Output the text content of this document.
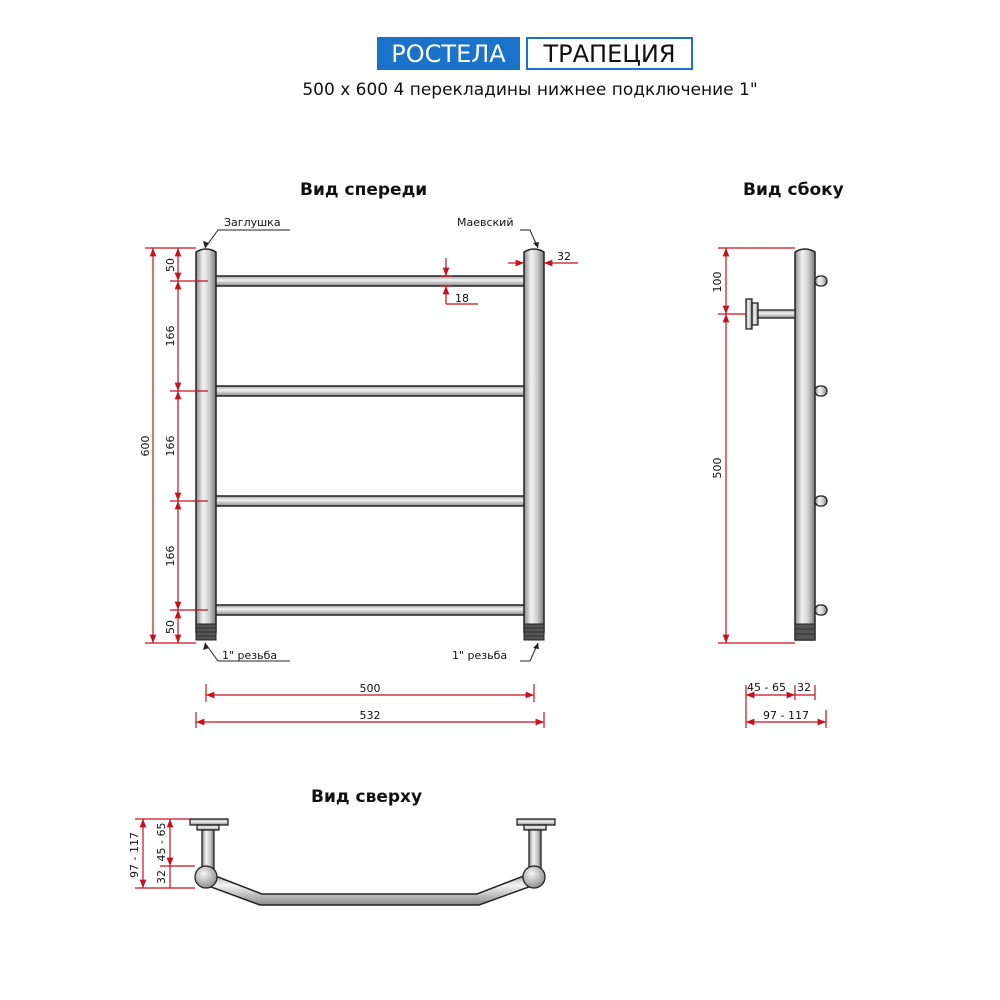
РОСТЕЛА	ТРАПЕЦИЯ
500 x 600 4 перекладины нижнее подключение 1"
Вид спереди	Вид сбоку
Вид сверху
Заглушка	Маевский
1" резьба	1" резьба
600
50
166
166
166
50
18
32
500
532
100
500
45 - 65 32
97 - 117
97 - 117 45 - 65
32
